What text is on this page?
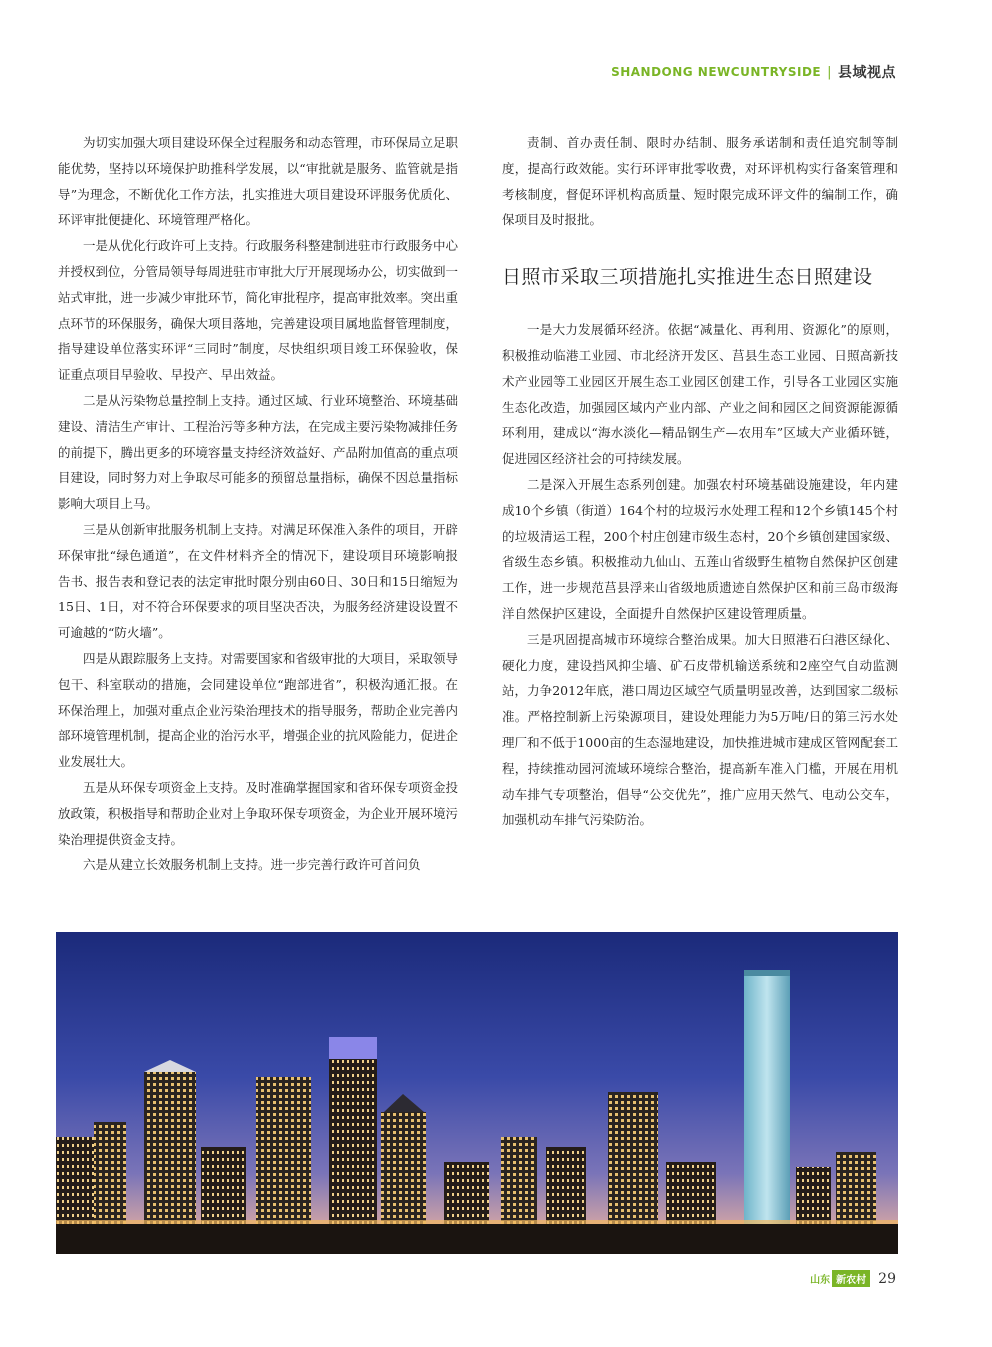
SHANDONG NEWCUNTRYSIDE | 县域视点

为切实加强大项目建设环保全过程服务和动态管理，市环保局立足职能优势，坚持以环境保护助推科学发展，以“审批就是服务、监管就是指导”为理念，不断优化工作方法，扎实推进大项目建设环评服务优质化、环评审批便捷化、环境管理严格化。

一是从优化行政许可上支持。行政服务科整建制进驻市行政服务中心并授权到位，分管局领导每周进驻市审批大厅开展现场办公，切实做到一站式审批，进一步减少审批环节，简化审批程序，提高审批效率。突出重点环节的环保服务，确保大项目落地，完善建设项目属地监督管理制度，指导建设单位落实环评“三同时”制度，尽快组织项目竣工环保验收，保证重点项目早验收、早投产、早出效益。

二是从污染物总量控制上支持。通过区域、行业环境整治、环境基础建设、清洁生产审计、工程治污等多种方法，在完成主要污染物减排任务的前提下，腾出更多的环境容量支持经济效益好、产品附加值高的重点项目建设，同时努力对上争取尽可能多的预留总量指标，确保不因总量指标影响大项目上马。

三是从创新审批服务机制上支持。对满足环保准入条件的项目，开辟环保审批“绿色通道”，在文件材料齐全的情况下，建设项目环境影响报告书、报告表和登记表的法定审批时限分别由60日、30日和15日缩短为15日、1日，对不符合环保要求的项目坚决否决，为服务经济建设设置不可逾越的“防火墙”。

四是从跟踪服务上支持。对需要国家和省级审批的大项目，采取领导包干、科室联动的措施，会同建设单位“跑部进省”，积极沟通汇报。在环保治理上，加强对重点企业污染治理技术的指导服务，帮助企业完善内部环境管理机制，提高企业的治污水平，增强企业的抗风险能力，促进企业发展壮大。

五是从环保专项资金上支持。及时准确掌握国家和省环保专项资金投放政策，积极指导和帮助企业对上争取环保专项资金，为企业开展环境污染治理提供资金支持。

六是从建立长效服务机制上支持。进一步完善行政许可首问负

责制、首办责任制、限时办结制、服务承诺制和责任追究制等制度，提高行政效能。实行环评审批零收费，对环评机构实行备案管理和考核制度，督促环评机构高质量、短时限完成环评文件的编制工作，确保项目及时报批。

日照市采取三项措施扎实推进生态日照建设

一是大力发展循环经济。依据“减量化、再利用、资源化”的原则，积极推动临港工业园、市北经济开发区、莒县生态工业园、日照高新技术产业园等工业园区开展生态工业园区创建工作，引导各工业园区实施生态化改造，加强园区域内产业内部、产业之间和园区之间资源能源循环利用，建成以“海水淡化—精品钢生产—农用车”区域大产业循环链，促进园区经济社会的可持续发展。

二是深入开展生态系列创建。加强农村环境基础设施建设，年内建成10个乡镇（街道）164个村的垃圾污水处理工程和12个乡镇145个村的垃圾清运工程，200个村庄创建市级生态村，20个乡镇创建国家级、省级生态乡镇。积极推动九仙山、五莲山省级野生植物自然保护区创建工作，进一步规范莒县浮来山省级地质遗迹自然保护区和前三岛市级海洋自然保护区建设，全面提升自然保护区建设管理质量。

三是巩固提高城市环境综合整治成果。加大日照港石臼港区绿化、硬化力度，建设挡风抑尘墙、矿石皮带机输送系统和2座空气自动监测站，力争2012年底，港口周边区域空气质量明显改善，达到国家二级标准。严格控制新上污染源项目，建设处理能力为5万吨/日的第三污水处理厂和不低于1000亩的生态湿地建设，加快推进城市建成区管网配套工程，持续推动园河流域环境综合整治，提高新车准入门槛，开展在用机动车排气专项整治，倡导“公交优先”，推广应用天然气、电动公交车，加强机动车排气污染防治。

山东 新农村 29
